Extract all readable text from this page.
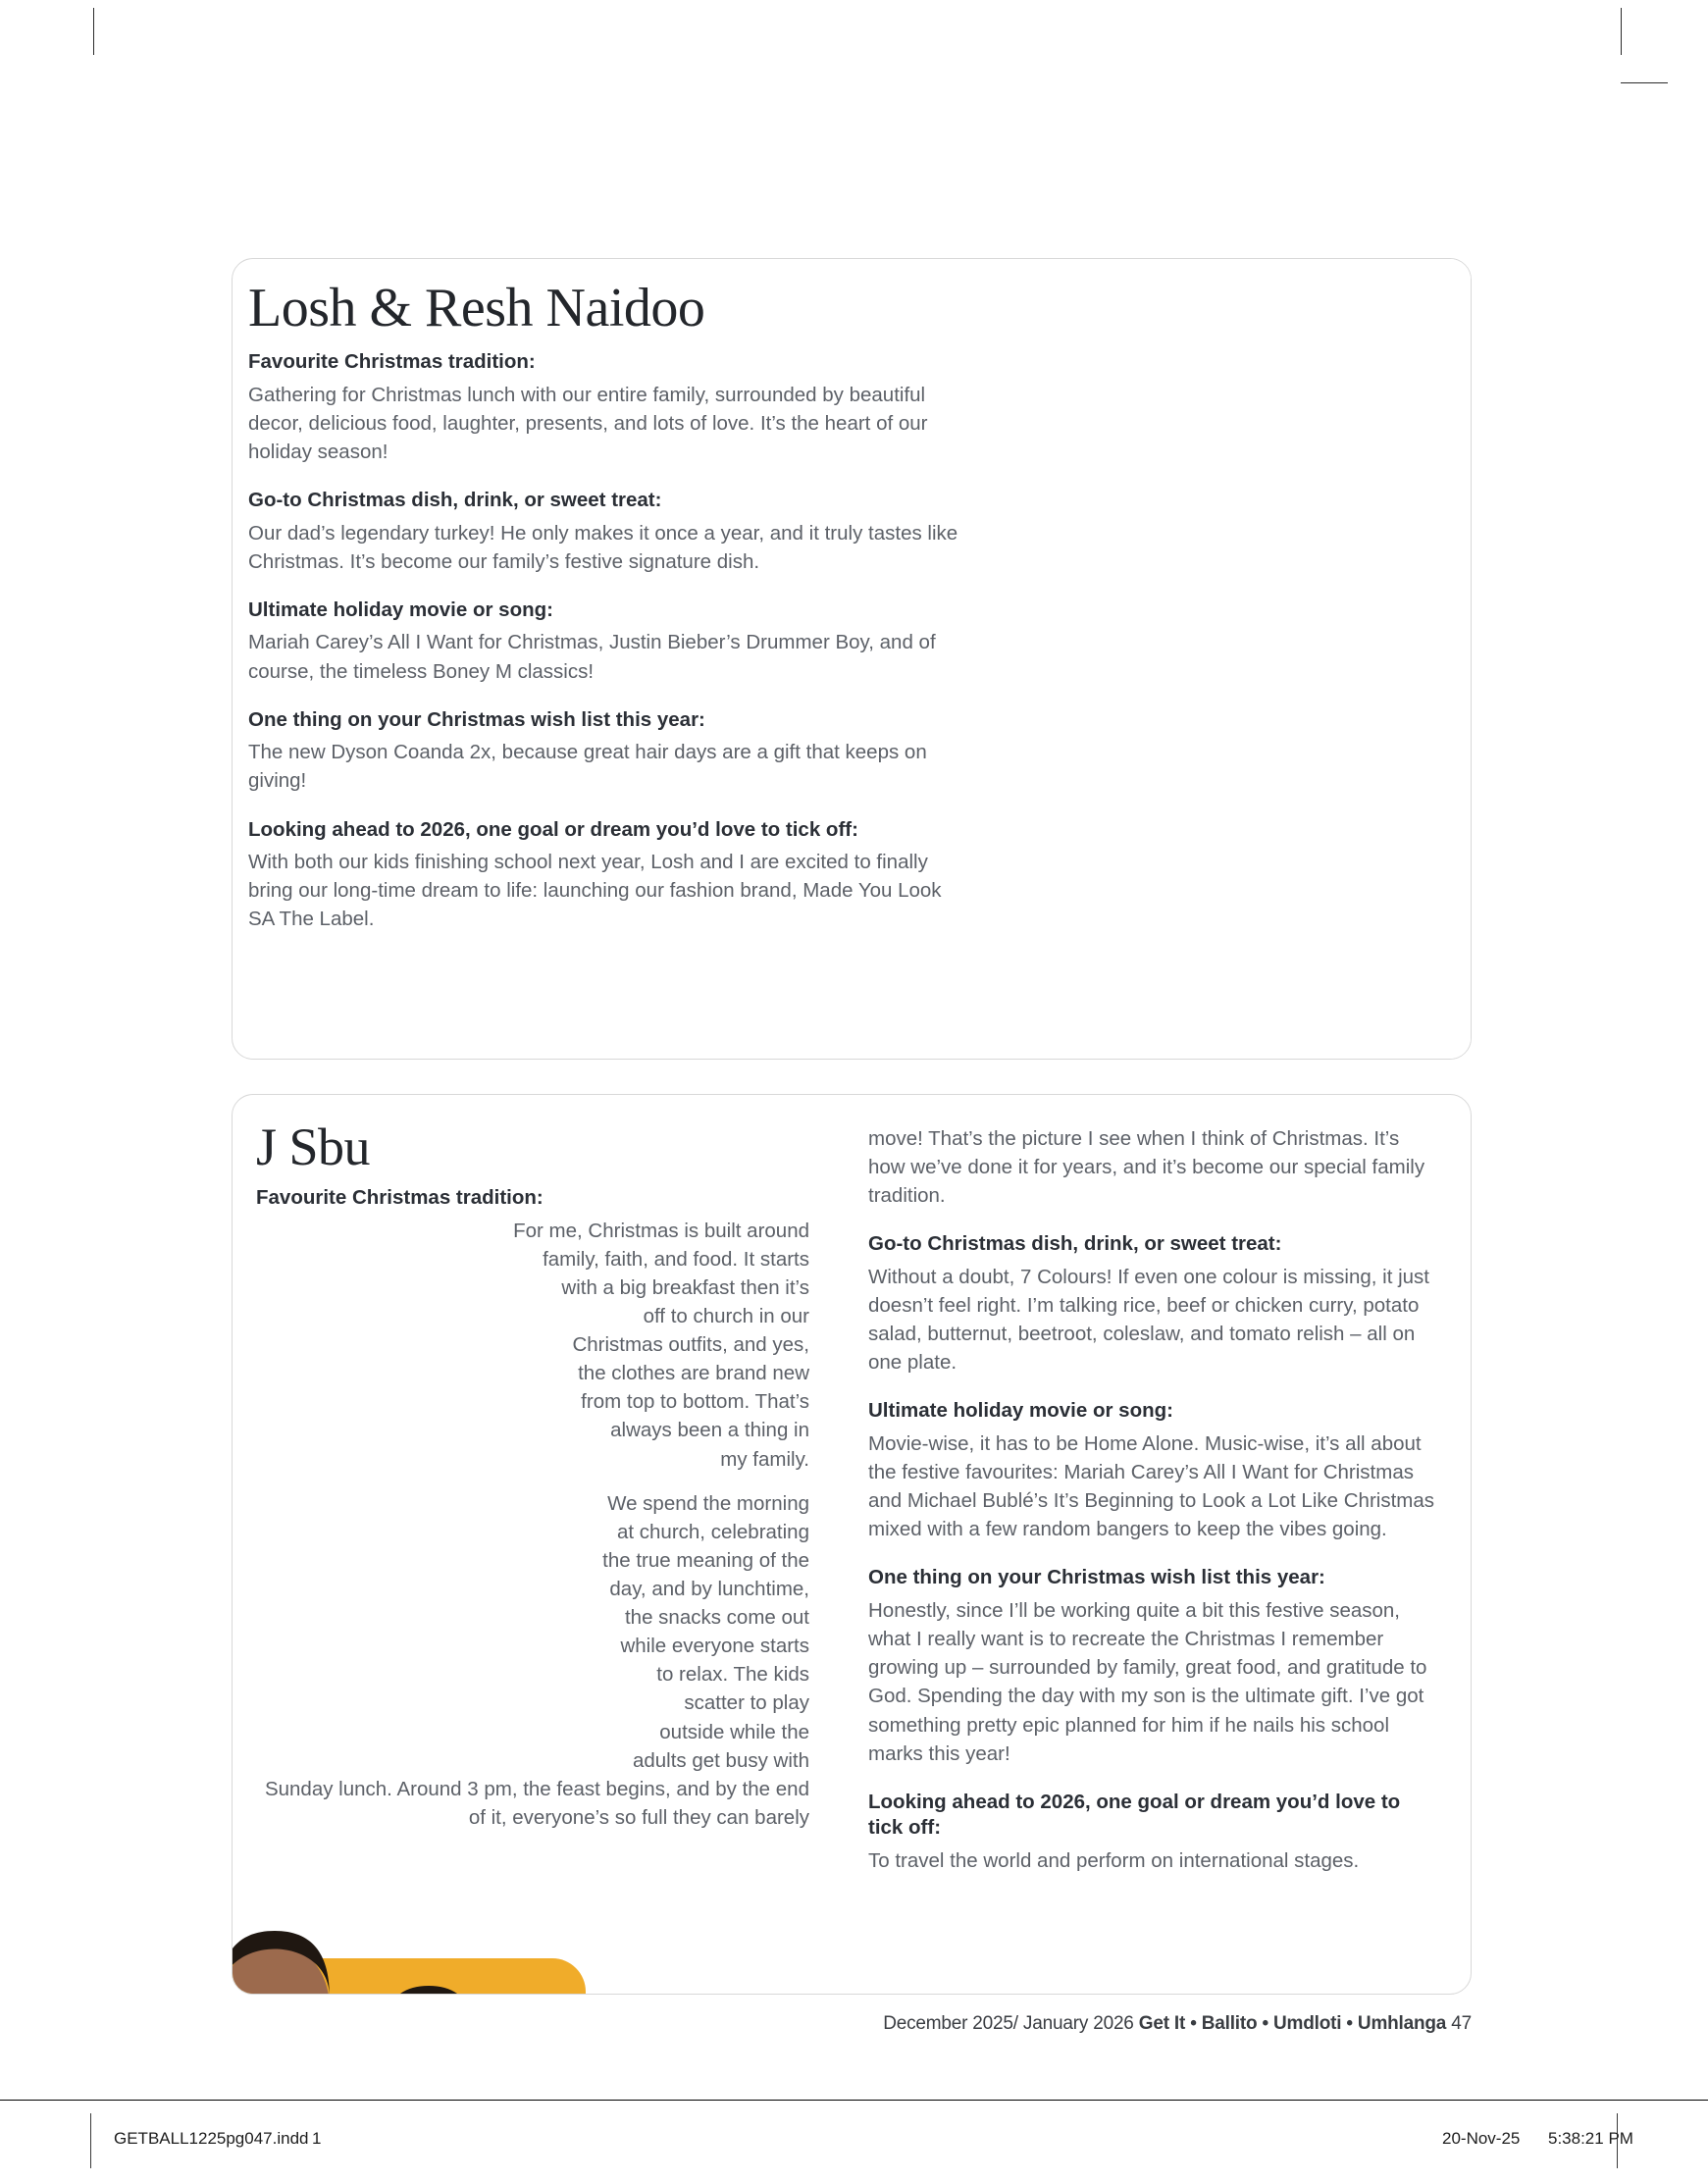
Losh & Resh Naidoo

Favourite Christmas tradition:

Gathering for Christmas lunch with our entire family, surrounded by beautiful decor, delicious food, laughter, presents, and lots of love. It’s the heart of our holiday season!

Go-to Christmas dish, drink, or sweet treat:

Our dad’s legendary turkey! He only makes it once a year, and it truly tastes like Christmas. It’s become our family’s festive signature dish.

Ultimate holiday movie or song:

Mariah Carey’s All I Want for Christmas, Justin Bieber’s Drummer Boy, and of course, the timeless Boney M classics!

One thing on your Christmas wish list this year:

The new Dyson Coanda 2x, because great hair days are a gift that keeps on giving!

Looking ahead to 2026, one goal or dream you’d love to tick off:

With both our kids finishing school next year, Losh and I are excited to finally bring our long-time dream to life: launching our fashion brand, Made You Look SA The Label.

J Sbu

Favourite Christmas tradition:

For me, Christmas is built around family, faith, and food. It starts with a big breakfast then it’s off to church in our Christmas outfits, and yes, the clothes are brand new from top to bottom. That’s always been a thing in my family.

We spend the morning at church, celebrating the true meaning of the day, and by lunchtime, the snacks come out while everyone starts to relax. The kids scatter to play outside while the adults get busy with Sunday lunch. Around 3 pm, the feast begins, and by the end of it, everyone’s so full they can barely

move! That’s the picture I see when I think of Christmas. It’s how we’ve done it for years, and it’s become our special family tradition.

Go-to Christmas dish, drink, or sweet treat:

Without a doubt, 7 Colours! If even one colour is missing, it just doesn’t feel right. I’m talking rice, beef or chicken curry, potato salad, butternut, beetroot, coleslaw, and tomato relish – all on one plate.

Ultimate holiday movie or song:

Movie-wise, it has to be Home Alone. Music-wise, it’s all about the festive favourites: Mariah Carey’s All I Want for Christmas and Michael Bublé’s It’s Beginning to Look a Lot Like Christmas mixed with a few random bangers to keep the vibes going.

One thing on your Christmas wish list this year:

Honestly, since I’ll be working quite a bit this festive season, what I really want is to recreate the Christmas I remember growing up – surrounded by family, great food, and gratitude to God. Spending the day with my son is the ultimate gift. I’ve got something pretty epic planned for him if he nails his school marks this year!

Looking ahead to 2026, one goal or dream you’d love to tick off:

To travel the world and perform on international stages.

December 2025/ January 2026 Get It • Ballito • Umdloti • Umhlanga 47
GETBALL1225pg047.indd 1	20-Nov-25 5:38:21 PM
